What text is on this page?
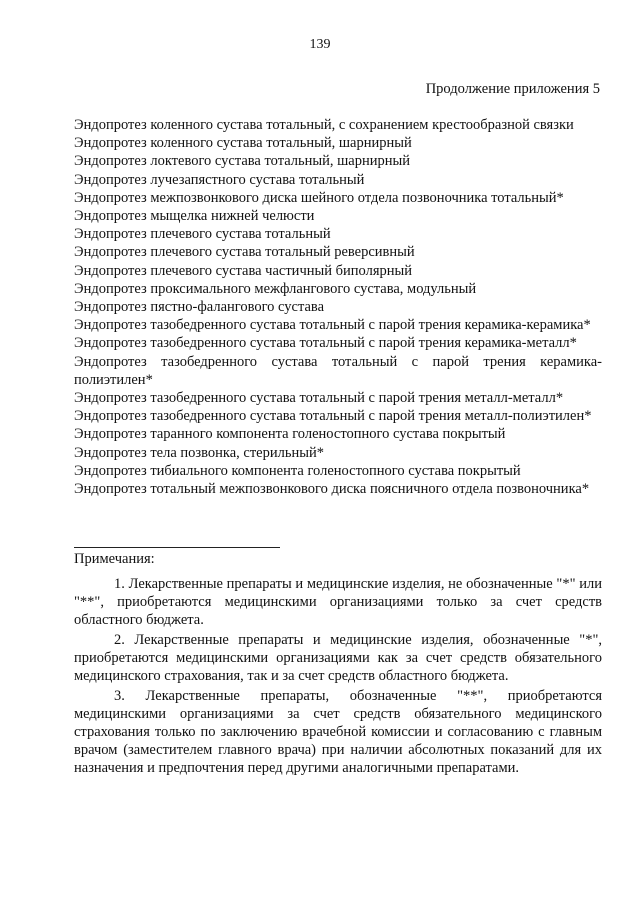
139
Продолжение приложения 5
Эндопротез коленного сустава тотальный, с сохранением крестообразной связки
Эндопротез коленного сустава тотальный, шарнирный
Эндопротез локтевого сустава тотальный, шарнирный
Эндопротез лучезапястного сустава тотальный
Эндопротез межпозвонкового диска шейного отдела позвоночника тотальный*
Эндопротез мыщелка нижней челюсти
Эндопротез плечевого сустава тотальный
Эндопротез плечевого сустава тотальный реверсивный
Эндопротез плечевого сустава частичный биполярный
Эндопротез проксимального межфлангового сустава, модульный
Эндопротез пястно-фалангового сустава
Эндопротез тазобедренного сустава тотальный с парой трения керамика-керамика*
Эндопротез тазобедренного сустава тотальный с парой трения керамика-металл*
Эндопротез тазобедренного сустава тотальный с парой трения керамика-полиэтилен*
Эндопротез тазобедренного сустава тотальный с парой трения металл-металл*
Эндопротез тазобедренного сустава тотальный с парой трения металл-полиэтилен*
Эндопротез таранного компонента голеностопного сустава покрытый
Эндопротез тела позвонка, стерильный*
Эндопротез тибиального компонента голеностопного сустава покрытый
Эндопротез тотальный межпозвонкового диска поясничного отдела позвоночника*
Примечания:
1. Лекарственные препараты и медицинские изделия, не обозначенные "*" или "**", приобретаются медицинскими организациями только за счет средств областного бюджета.
2. Лекарственные препараты и медицинские изделия, обозначенные "*", приобретаются медицинскими организациями как за счет средств обязательного медицинского страхования, так и за счет средств областного бюджета.
3. Лекарственные препараты, обозначенные "**", приобретаются медицинскими организациями за счет средств обязательного медицинского страхования только по заключению врачебной комиссии и согласованию с главным врачом (заместителем главного врача) при наличии абсолютных показаний для их назначения и предпочтения перед другими аналогичными препаратами.
